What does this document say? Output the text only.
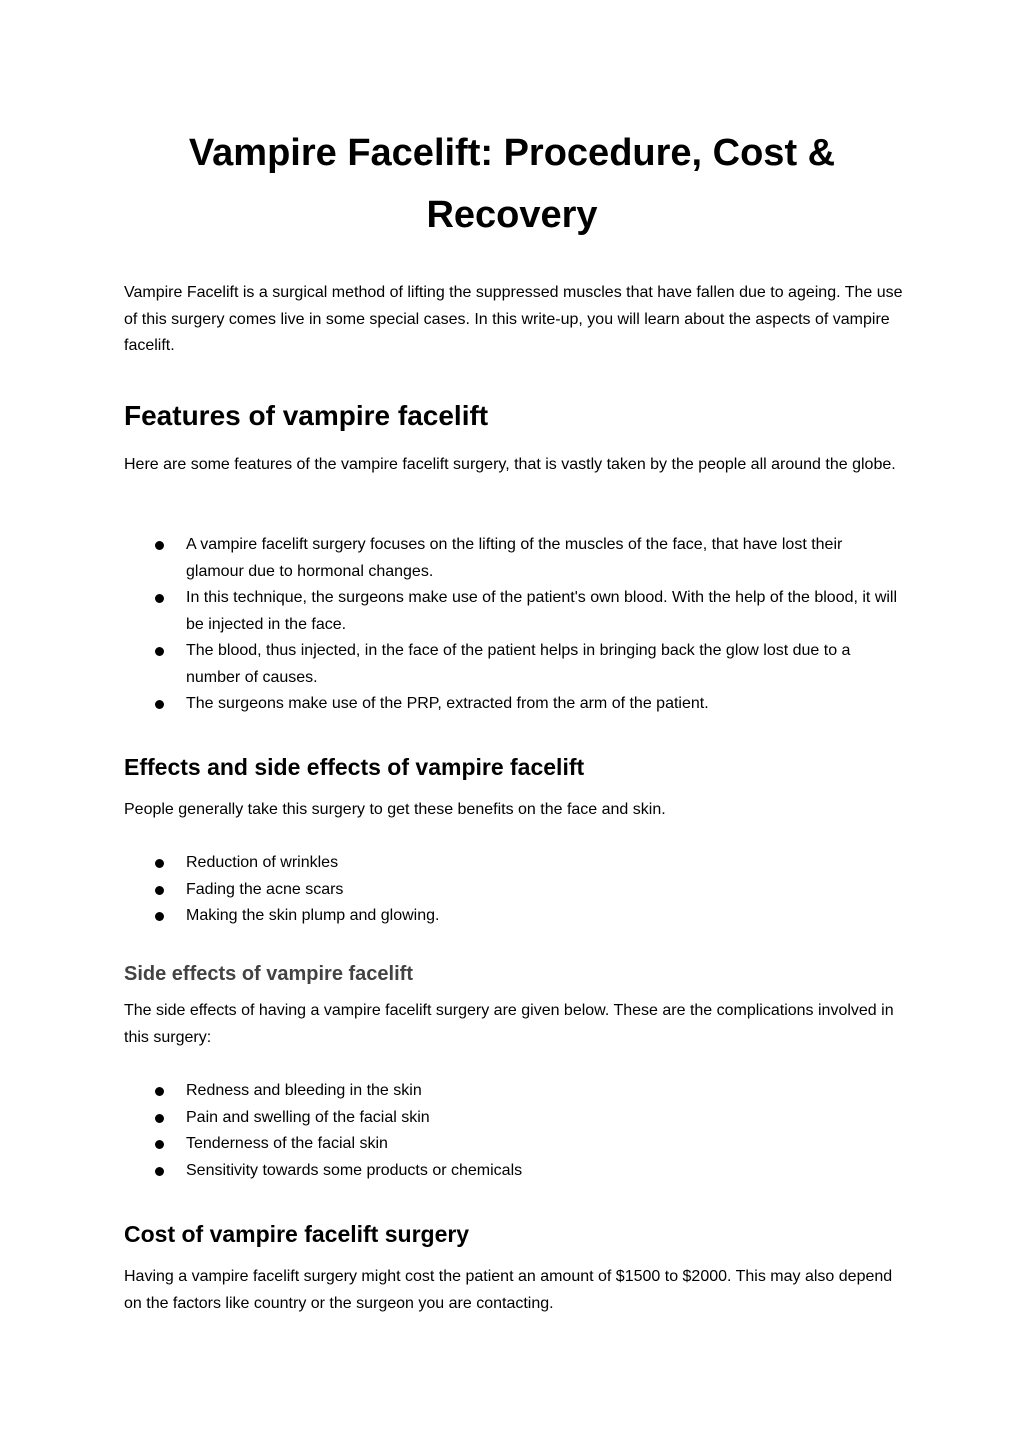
Vampire Facelift: Procedure, Cost & Recovery

Vampire Facelift is a surgical method of lifting the suppressed muscles that have fallen due to ageing. The use of this surgery comes live in some special cases. In this write-up, you will learn about the aspects of vampire facelift.

Features of vampire facelift

Here are some features of the vampire facelift surgery, that is vastly taken by the people all around the globe.

A vampire facelift surgery focuses on the lifting of the muscles of the face, that have lost their glamour due to hormonal changes.
In this technique, the surgeons make use of the patient's own blood. With the help of the blood, it will be injected in the face.
The blood, thus injected, in the face of the patient helps in bringing back the glow lost due to a number of causes.
The surgeons make use of the PRP, extracted from the arm of the patient.
Effects and side effects of vampire facelift

People generally take this surgery to get these benefits on the face and skin.

Reduction of wrinkles
Fading the acne scars
Making the skin plump and glowing.
Side effects of vampire facelift

The side effects of having a vampire facelift surgery are given below. These are the complications involved in this surgery:

Redness and bleeding in the skin
Pain and swelling of the facial skin
Tenderness of the facial skin
Sensitivity towards some products or chemicals
Cost of vampire facelift surgery

Having a vampire facelift surgery might cost the patient an amount of $1500 to $2000. This may also depend on the factors like country or the surgeon you are contacting.
